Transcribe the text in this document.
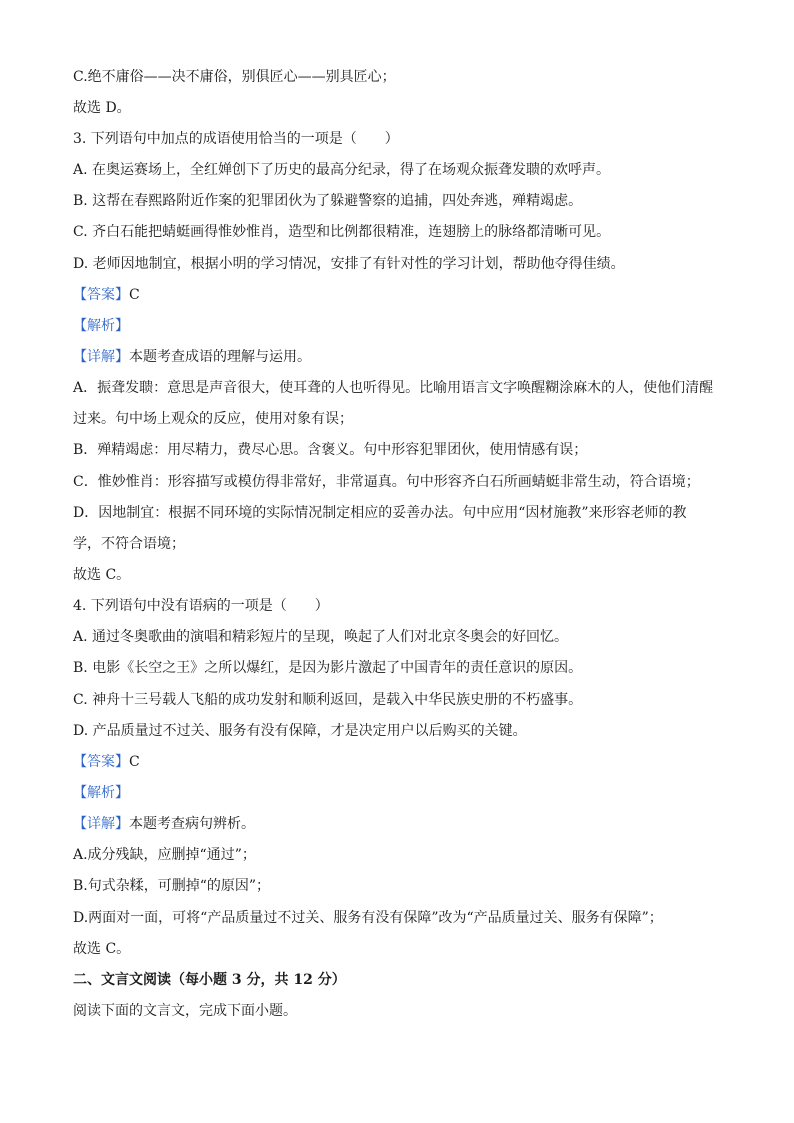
C.绝不庸俗——决不庸俗，别俱匠心——别具匠心；
故选 D。
3. 下列语句中加点的成语使用恰当的一项是（　　）
A. 在奥运赛场上，全红婵创下了历史的最高分纪录，得了在场观众振聋发聩的欢呼声。
B. 这帮在春熙路附近作案的犯罪团伙为了躲避警察的追捕，四处奔逃，殚精竭虑。
C. 齐白石能把蜻蜓画得惟妙惟肖，造型和比例都很精准，连翅膀上的脉络都清晰可见。
D. 老师因地制宜，根据小明的学习情况，安排了有针对性的学习计划，帮助他夺得佳绩。
【答案】C
【解析】
【详解】本题考查成语的理解与运用。
A．振聋发聩：意思是声音很大，使耳聋的人也听得见。比喻用语言文字唤醒糊涂麻木的人，使他们清醒
过来。句中场上观众的反应，使用对象有误；
B．殚精竭虑：用尽精力，费尽心思。含褒义。句中形容犯罪团伙，使用情感有误；
C．惟妙惟肖：形容描写或模仿得非常好，非常逼真。句中形容齐白石所画蜻蜓非常生动，符合语境；
D．因地制宜：根据不同环境的实际情况制定相应的妥善办法。句中应用“因材施教”来形容老师的教
学，不符合语境；
故选 C。
4. 下列语句中没有语病的一项是（　　）
A. 通过冬奥歌曲的演唱和精彩短片的呈现，唤起了人们对北京冬奥会的好回忆。
B. 电影《长空之王》之所以爆红，是因为影片激起了中国青年的责任意识的原因。
C. 神舟十三号载人飞船的成功发射和顺利返回，是载入中华民族史册的不朽盛事。
D. 产品质量过不过关、服务有没有保障，才是决定用户以后购买的关键。
【答案】C
【解析】
【详解】本题考查病句辨析。
A.成分残缺，应删掉“通过”；
B.句式杂糅，可删掉“的原因”；
D.两面对一面，可将“产品质量过不过关、服务有没有保障”改为“产品质量过关、服务有保障”；
故选 C。
二、文言文阅读（每小题 3 分，共 12 分）
阅读下面的文言文，完成下面小题。
